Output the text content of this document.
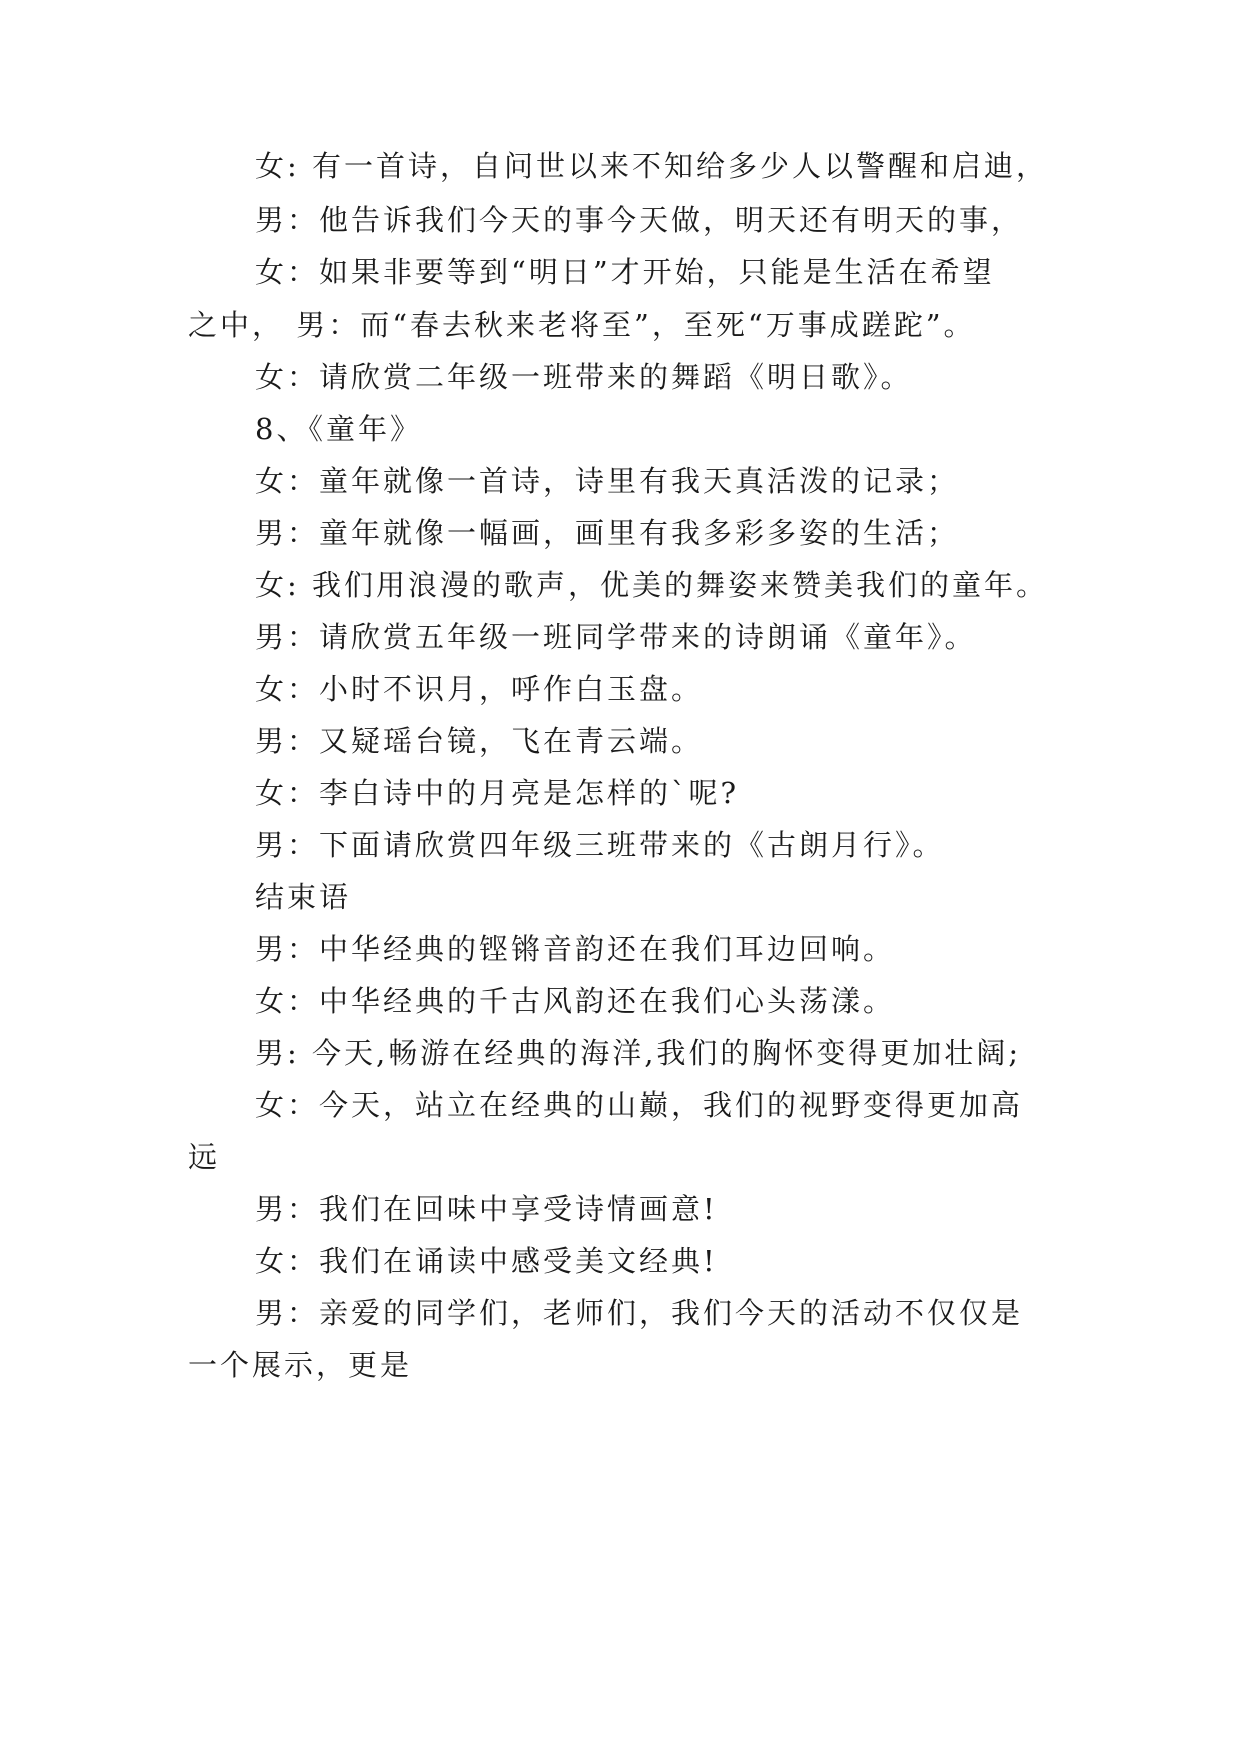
女: 有一首诗，自问世以来不知给多少人以警醒和启迪，
男：他告诉我们今天的事今天做，明天还有明天的事，
女：如果非要等到“明日”才开始，只能是生活在希望
之中， 男：而“春去秋来老将至”，至死“万事成蹉跎”。
女：请欣赏二年级一班带来的舞蹈《明日歌》。
8、《童年》
女：童年就像一首诗，诗里有我天真活泼的记录；
男：童年就像一幅画，画里有我多彩多姿的生活；
女: 我们用浪漫的歌声，优美的舞姿来赞美我们的童年。
男：请欣赏五年级一班同学带来的诗朗诵《童年》。
女：小时不识月，呼作白玉盘。
男：又疑瑶台镜，飞在青云端。
女：李白诗中的月亮是怎样的`呢?
男：下面请欣赏四年级三班带来的《古朗月行》。
结束语
男：中华经典的铿锵音韵还在我们耳边回响。
女：中华经典的千古风韵还在我们心头荡漾。
男: 今天,畅游在经典的海洋,我们的胸怀变得更加壮阔;
女：今天，站立在经典的山巅，我们的视野变得更加高
远
男：我们在回味中享受诗情画意!
女：我们在诵读中感受美文经典!
男：亲爱的同学们，老师们，我们今天的活动不仅仅是
一个展示，更是
